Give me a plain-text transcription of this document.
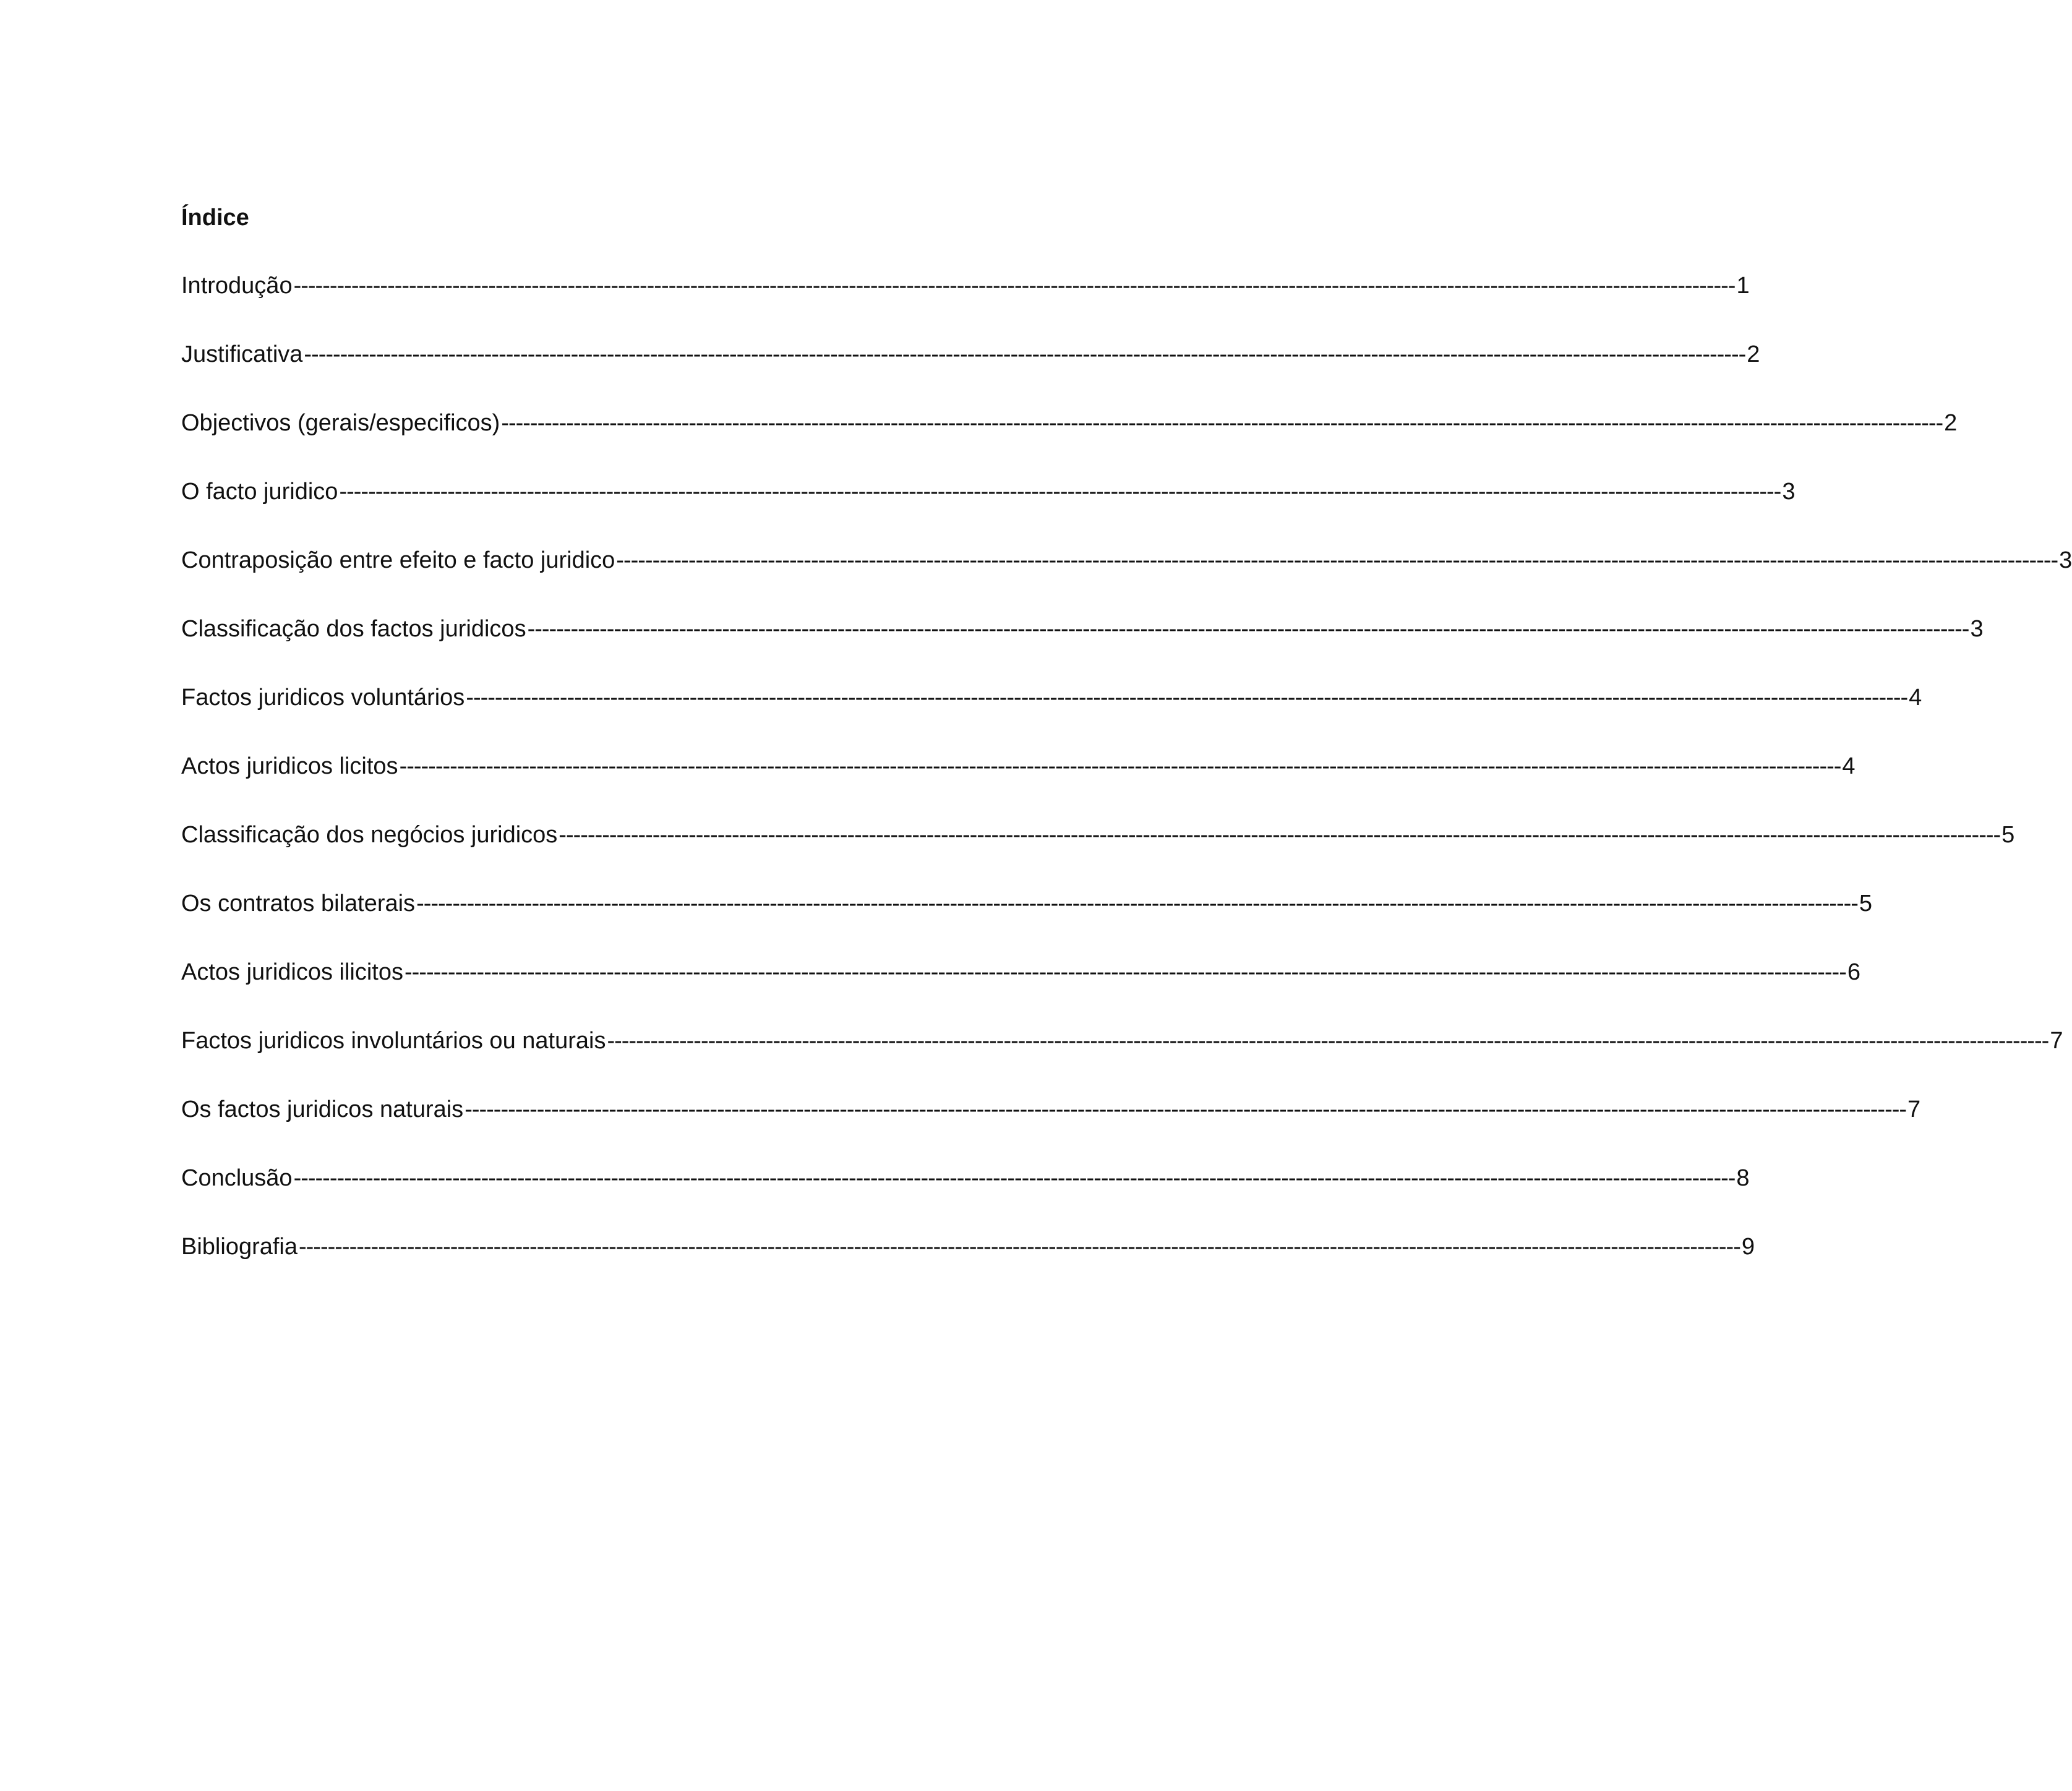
Índice
Introdução -------------------------------------------------------------------------------------------------------------------------------------------------------------------------------------------------------- 1
Justificativa -------------------------------------------------------------------------------------------------------------------------------------------------------------------------------------------------------- 2
Objectivos (gerais/especificos) -------------------------------------------------------------------------------------------------------------------------------------------------------------------------------------------------------- 2
O facto juridico -------------------------------------------------------------------------------------------------------------------------------------------------------------------------------------------------------- 3
Contraposição entre efeito e facto juridico -------------------------------------------------------------------------------------------------------------------------------------------------------------------------------------------------------- 3
Classificação dos factos juridicos -------------------------------------------------------------------------------------------------------------------------------------------------------------------------------------------------------- 3
Factos juridicos voluntários -------------------------------------------------------------------------------------------------------------------------------------------------------------------------------------------------------- 4
Actos juridicos licitos -------------------------------------------------------------------------------------------------------------------------------------------------------------------------------------------------------- 4
Classificação dos negócios juridicos -------------------------------------------------------------------------------------------------------------------------------------------------------------------------------------------------------- 5
Os contratos bilaterais -------------------------------------------------------------------------------------------------------------------------------------------------------------------------------------------------------- 5
Actos juridicos ilicitos -------------------------------------------------------------------------------------------------------------------------------------------------------------------------------------------------------- 6
Factos juridicos involuntários ou naturais -------------------------------------------------------------------------------------------------------------------------------------------------------------------------------------------------------- 7
Os factos juridicos naturais -------------------------------------------------------------------------------------------------------------------------------------------------------------------------------------------------------- 7
Conclusão -------------------------------------------------------------------------------------------------------------------------------------------------------------------------------------------------------- 8
Bibliografia -------------------------------------------------------------------------------------------------------------------------------------------------------------------------------------------------------- 9
